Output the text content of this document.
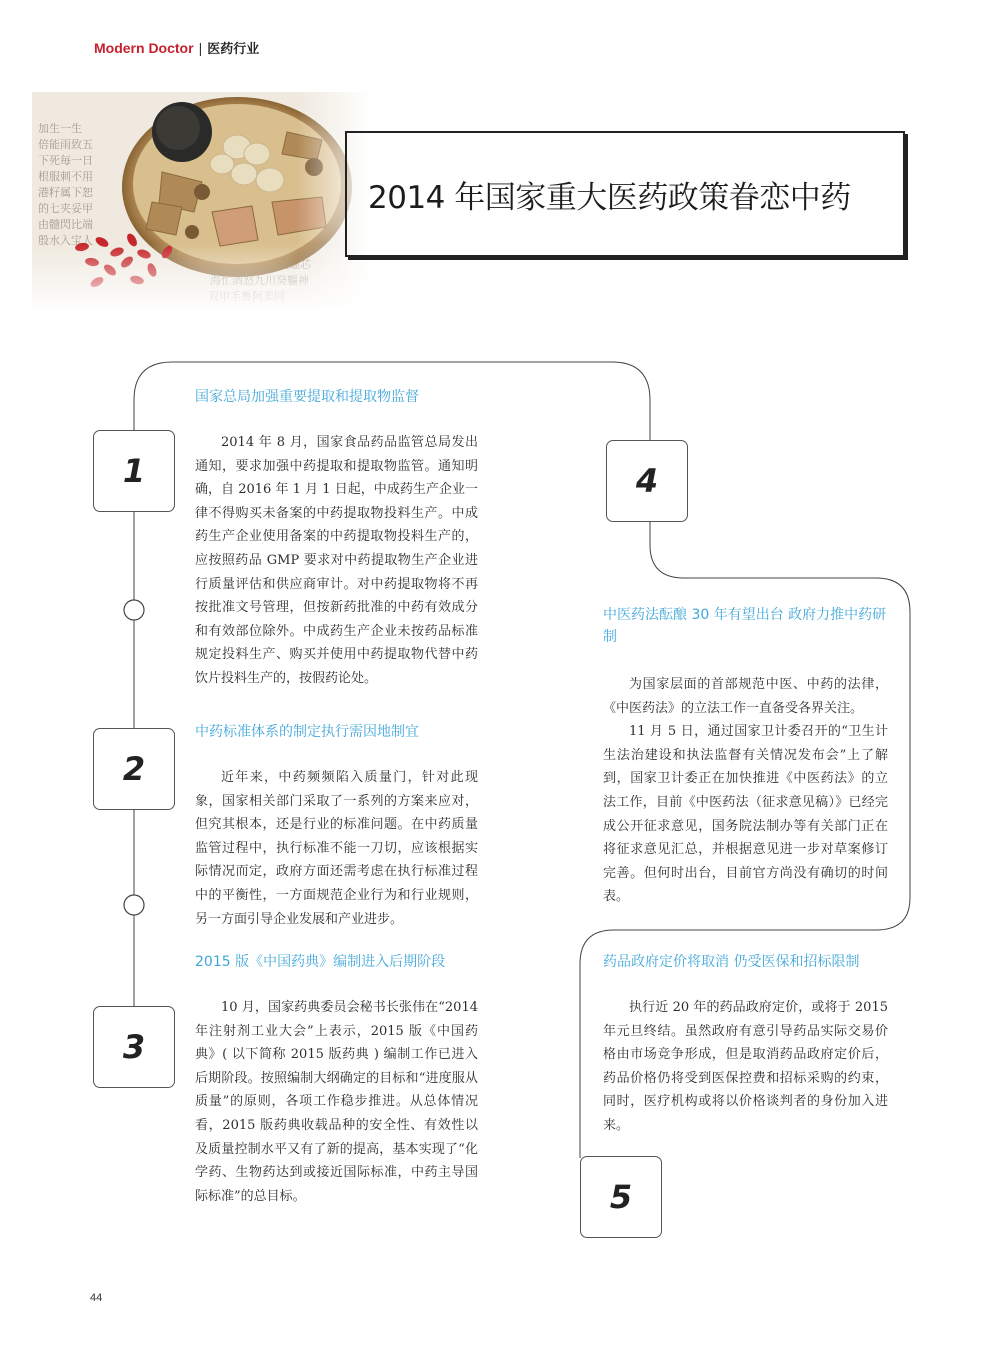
Modern Doctor | 医药行业
2014 年国家重大医药政策眷恋中药
1
2
3
4
5
国家总局加强重要提取和提取物监督
2014 年 8 月，国家食品药品监管总局发出通知，要求加强中药提取和提取物监管。通知明确，自 2016 年 1 月 1 日起，中成药生产企业一律不得购买未备案的中药提取物投料生产。中成药生产企业使用备案的中药提取物投料生产的，应按照药品 GMP 要求对中药提取物生产企业进行质量评估和供应商审计。对中药提取物将不再按批准文号管理，但按新药批准的中药有效成分和有效部位除外。中成药生产企业未按药品标准规定投料生产、购买并使用中药提取物代替中药饮片投料生产的，按假药论处。
中药标准体系的制定执行需因地制宜
近年来，中药频频陷入质量门，针对此现象，国家相关部门采取了一系列的方案来应对，但究其根本，还是行业的标准问题。在中药质量监管过程中，执行标准不能一刀切，应该根据实际情况而定，政府方面还需考虑在执行标准过程中的平衡性，一方面规范企业行为和行业规则，另一方面引导企业发展和产业进步。
2015 版《中国药典》编制进入后期阶段
10 月，国家药典委员会秘书长张伟在“2014 年注射剂工业大会”上表示，2015 版《中国药典》( 以下简称 2015 版药典 ) 编制工作已进入后期阶段。按照编制大纲确定的目标和“进度服从质量”的原则，各项工作稳步推进。从总体情况看，2015 版药典收载品种的安全性、有效性以及质量控制水平又有了新的提高，基本实现了“化学药、生物药达到或接近国际标准，中药主导国际标准”的总目标。
中医药法酝酿 30 年有望出台 政府力推中药研制

为国家层面的首部规范中医、中药的法律，《中医药法》的立法工作一直备受各界关注。

11 月 5 日，通过国家卫计委召开的“卫生计生法治建设和执法监督有关情况发布会”上了解到，国家卫计委正在加快推进《中医药法》的立法工作，目前《中医药法（征求意见稿）》已经完成公开征求意见，国务院法制办等有关部门正在将征求意见汇总，并根据意见进一步对草案修订完善。但何时出台，目前官方尚没有确切的时间表。

药品政府定价将取消 仍受医保和招标限制
执行近 20 年的药品政府定价，或将于 2015 年元旦终结。虽然政府有意引导药品实际交易价格由市场竞争形成，但是取消药品政府定价后，药品价格仍将受到医保控费和招标采购的约束，同时，医疗机构或将以价格谈判者的身份加入进来。
44
